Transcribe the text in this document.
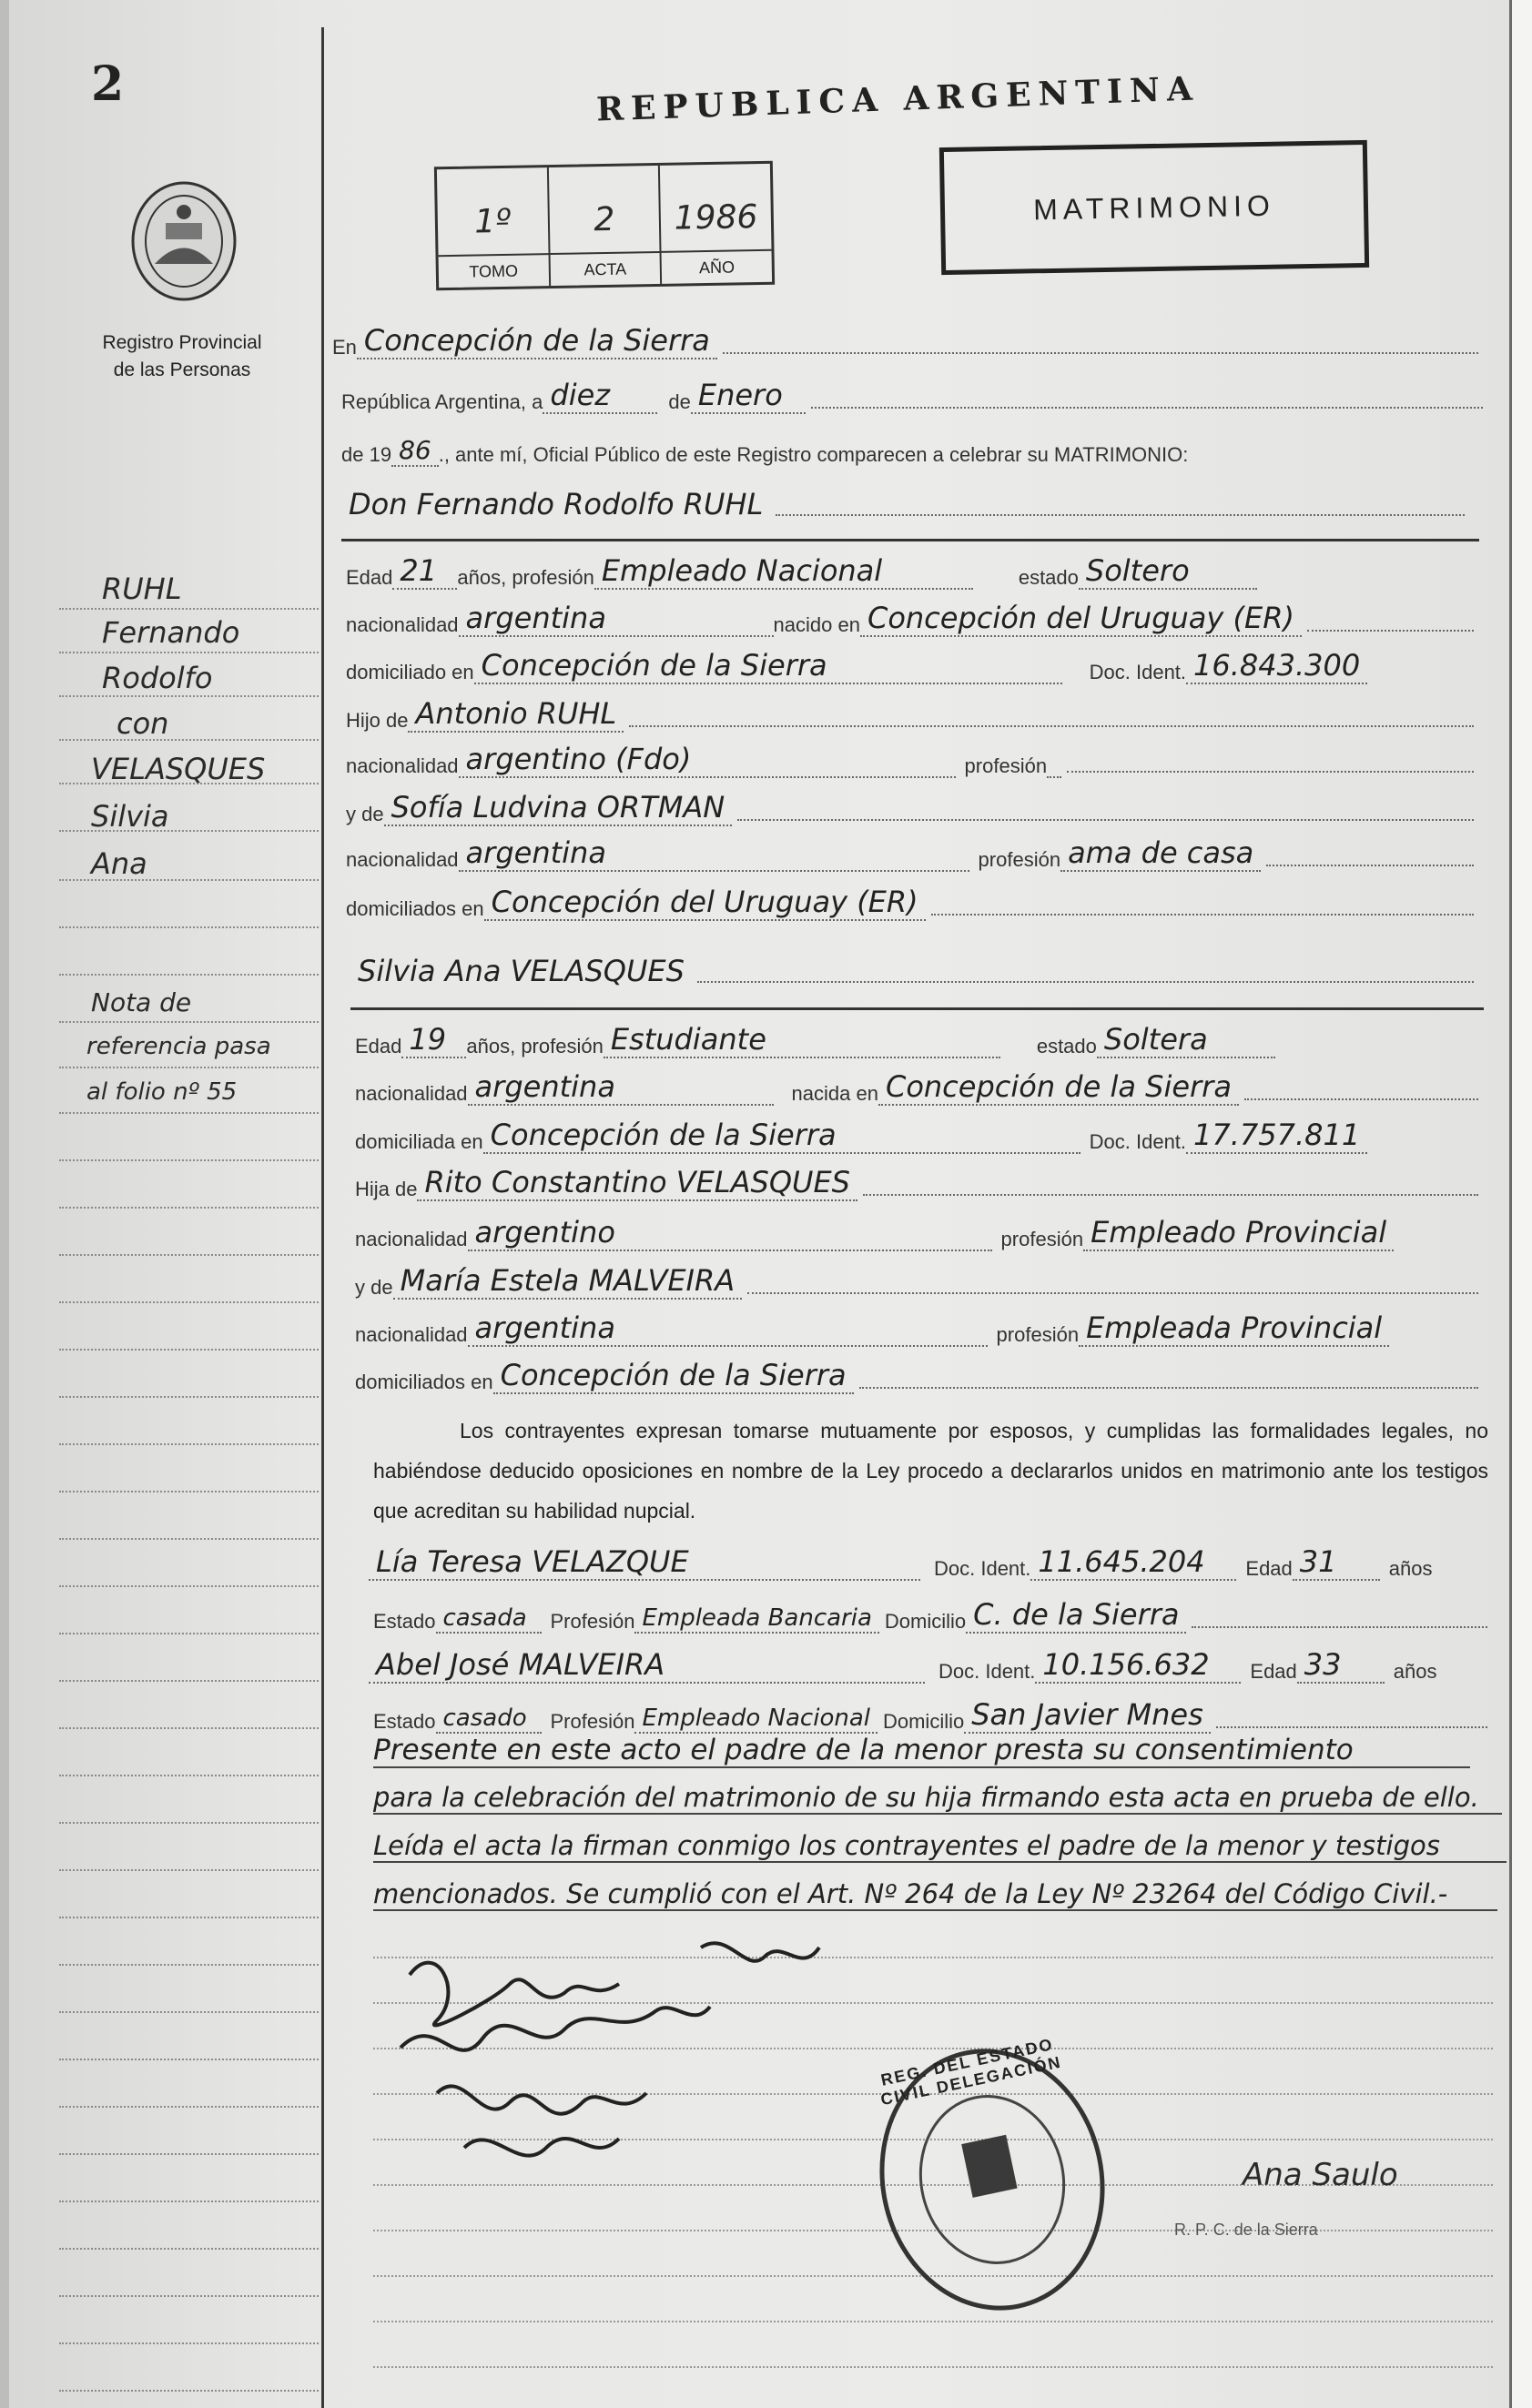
2
Registro Provincial
de las Personas
REPUBLICA ARGENTINA
1º
TOMO
2
ACTA
1986
AÑO
MATRIMONIO
En Concepción de la Sierra
República Argentina, a diez	de Enero
de 19 86 ., ante mí, Oficial Público de este Registro comparecen a celebrar su MATRIMONIO:
Don Fernando Rodolfo RUHL
Edad 21	años, profesión Empleado Nacional	estado Soltero
nacionalidad argentina	nacido en Concepción del Uruguay (ER)
domiciliado en Concepción de la Sierra	Doc. Ident. 16.843.300
Hijo de Antonio RUHL
nacionalidad argentino (Fdo)	profesión
y de Sofía Ludvina ORTMAN
nacionalidad argentina	profesión ama de casa
domiciliados en Concepción del Uruguay (ER)
Silvia Ana VELASQUES
Edad 19	años, profesión Estudiante	estado Soltera
nacionalidad argentina	nacida en Concepción de la Sierra
domiciliada en Concepción de la Sierra	Doc. Ident. 17.757.811
Hija de Rito Constantino VELASQUES
nacionalidad argentino	profesión Empleado Provincial
y de María Estela MALVEIRA
nacionalidad argentina	profesión Empleada Provincial
domiciliados en Concepción de la Sierra
Los contrayentes expresan tomarse mutuamente por esposos, y cumplidas las formalidades legales, no habiéndose deducido oposiciones en nombre de la Ley procedo a declararlos unidos en matrimonio ante los testigos que acreditan su habilidad nupcial.
Lía Teresa VELAZQUE	Doc. Ident. 11.645.204	Edad 31	años
Estado casada	Profesión Empleada Bancaria Domicilio C. de la Sierra
Abel José MALVEIRA	Doc. Ident. 10.156.632	Edad 33	años
Estado casado	Profesión Empleado Nacional Domicilio San Javier Mnes
Presente en este acto el padre de la menor presta su consentimiento
para la celebración del matrimonio de su hija firmando esta acta en prueba de ello.
Leída el acta la firman conmigo los contrayentes el padre de la menor y testigos
mencionados. Se cumplió con el Art. Nº 264 de la Ley Nº 23264 del Código Civil.-
REG. DEL ESTADO CIVIL DELEGACIÓN
Ana Saulo
R. P. C. de la Sierra
RUHL
Fernando
Rodolfo
con
VELASQUES
Silvia
Ana
Nota de
referencia pasa
al folio nº 55
